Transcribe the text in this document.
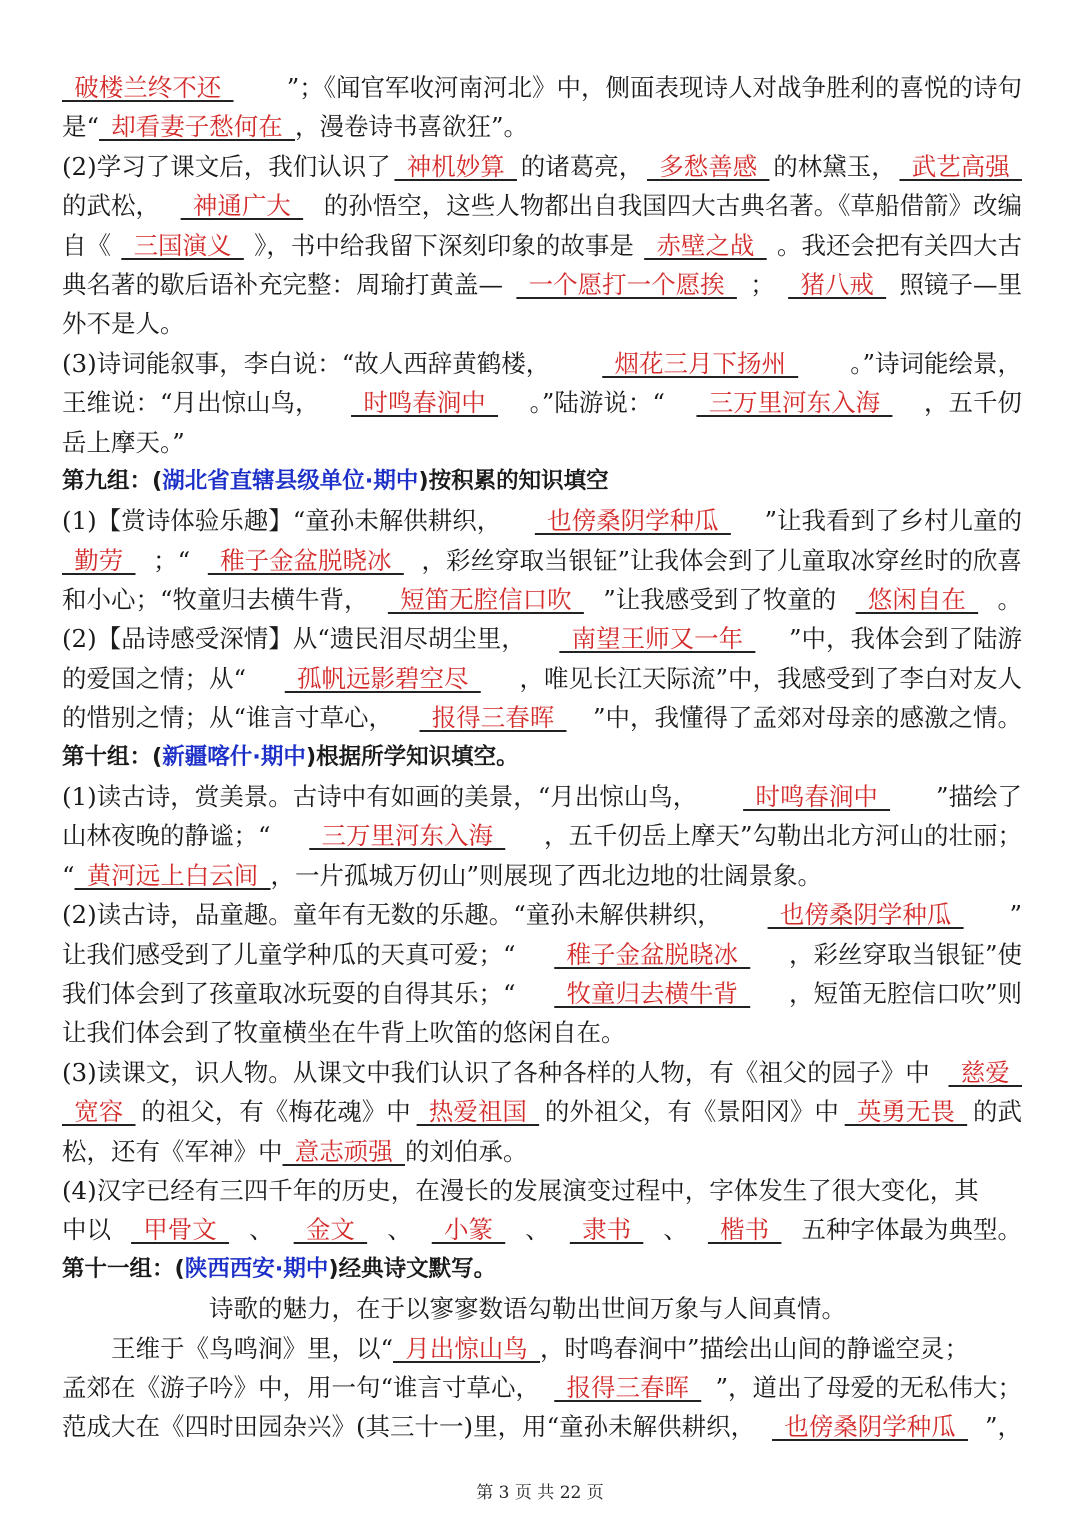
 破楼兰终不还  ”；《闻官军收河南河北》中，侧面表现诗人对战争胜利的喜悦的诗句
是“  却看妻子愁何在  ，漫卷诗书喜欲狂”。
(2)学习了课文后，我们认识了  神机妙算  的诸葛亮，  多愁善感  的林黛玉，  武艺高强 
的武松，  神通广大  的孙悟空，这些人物都出自我国四大古典名著。《草船借箭》改编
自《  三国演义  》，书中给我留下深刻印象的故事是  赤壁之战  。我还会把有关四大古
典名著的歇后语补充完整：周瑜打黄盖—  一个愿打一个愿挨  ；  猪八戒  照镜子—里
外不是人。
(3)诗词能叙事，李白说：“故人西辞黄鹤楼，  烟花三月下扬州  。”诗词能绘景，
王维说：“月出惊山鸟，  时鸣春涧中  。”陆游说：“  三万里河东入海  ，五千仞
岳上摩天。”
第九组：(湖北省直辖县级单位·期中)按积累的知识填空
(1)【赏诗体验乐趣】“童孙未解供耕织，  也傍桑阴学种瓜  ”让我看到了乡村儿童的
 勤劳  ；“  稚子金盆脱晓冰  ，彩丝穿取当银钲”让我体会到了儿童取冰穿丝时的欣喜
和小心；“牧童归去横牛背，  短笛无腔信口吹  ”让我感受到了牧童的  悠闲自在  。
(2)【品诗感受深情】从“遗民泪尽胡尘里，  南望王师又一年  ”中，我体会到了陆游
的爱国之情；从“  孤帆远影碧空尽  ，唯见长江天际流”中，我感受到了李白对友人
的惜别之情；从“谁言寸草心，  报得三春晖  ”中，我懂得了孟郊对母亲的感激之情。
第十组：(新疆喀什·期中)根据所学知识填空。
(1)读古诗，赏美景。古诗中有如画的美景，“月出惊山鸟，  时鸣春涧中  ”描绘了
山林夜晚的静谧；“  三万里河东入海  ，五千仞岳上摩天”勾勒出北方河山的壮丽；
“  黄河远上白云间  ，一片孤城万仞山”则展现了西北边地的壮阔景象。
(2)读古诗，品童趣。童年有无数的乐趣。“童孙未解供耕织，  也傍桑阴学种瓜  ”
让我们感受到了儿童学种瓜的天真可爱；“  稚子金盆脱晓冰  ，彩丝穿取当银钲”使
我们体会到了孩童取冰玩耍的自得其乐；“  牧童归去横牛背  ，短笛无腔信口吹”则
让我们体会到了牧童横坐在牛背上吹笛的悠闲自在。
(3)读课文，识人物。从课文中我们认识了各种各样的人物，有《祖父的园子》中  慈爱 
 宽容  的祖父，有《梅花魂》中  热爱祖国  的外祖父，有《景阳冈》中  英勇无畏  的武
松，还有《军神》中  意志顽强  的刘伯承。
(4)汉字已经有三四千年的历史，在漫长的发展演变过程中，字体发生了很大变化，其
中以  甲骨文  、  金文  、  小篆  、  隶书  、  楷书  五种字体最为典型。
第十一组：(陕西西安·期中)经典诗文默写。
　　　　　　诗歌的魅力，在于以寥寥数语勾勒出世间万象与人间真情。
　　王维于《鸟鸣涧》里，以“  月出惊山鸟  ，时鸣春涧中”描绘出山间的静谧空灵；
孟郊在《游子吟》中，用一句“谁言寸草心，  报得三春晖  ”，道出了母爱的无私伟大；
范成大在《四时田园杂兴》(其三十一)里，用“童孙未解供耕织，  也傍桑阴学种瓜  ”，
第 3 页 共 22 页
